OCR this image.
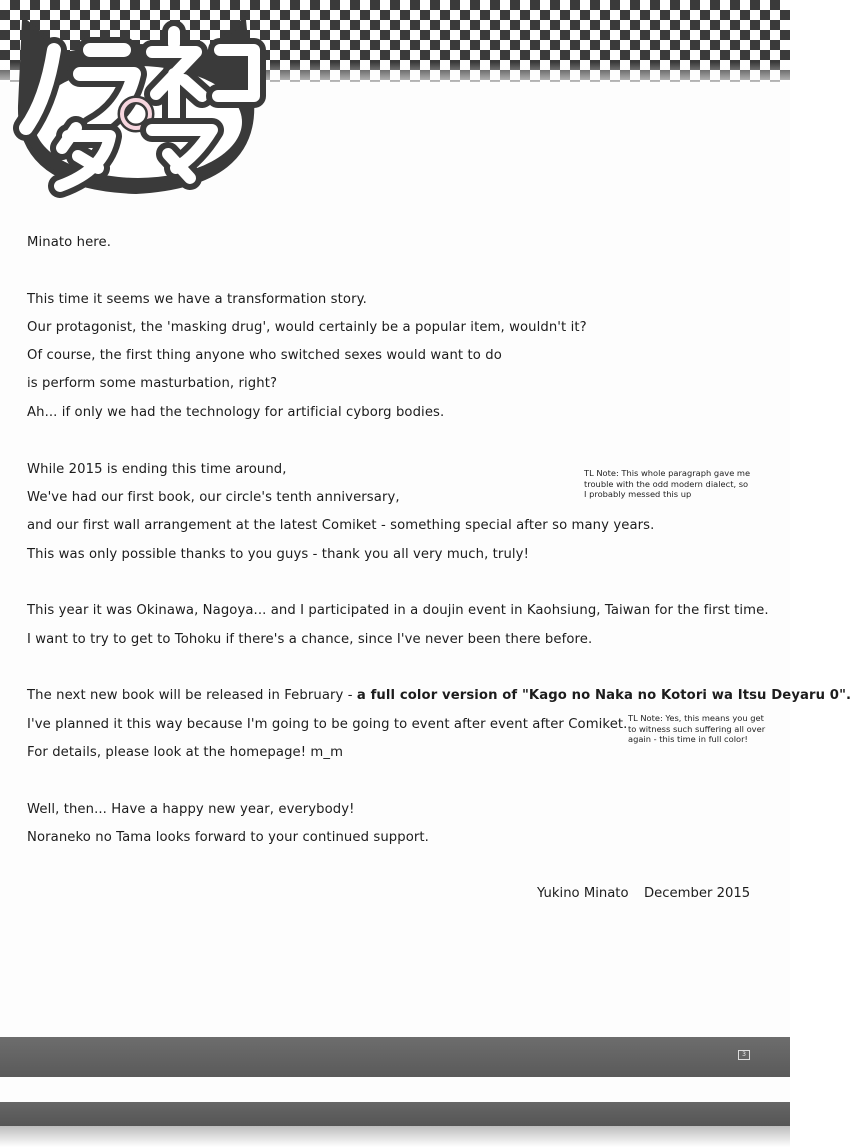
Minato here.
This time it seems we have a transformation story.
Our protagonist, the 'masking drug', would certainly be a popular item, wouldn't it?
Of course, the first thing anyone who switched sexes would want to do
is perform some masturbation, right?
Ah... if only we had the technology for artificial cyborg bodies.
While 2015 is ending this time around,
We've had our first book, our circle's tenth anniversary,
and our first wall arrangement at the latest Comiket - something special after so many years.
This was only possible thanks to you guys - thank you all very much, truly!
TL Note: This whole paragraph gave me
trouble with the odd modern dialect, so
I probably messed this up
This year it was Okinawa, Nagoya... and I participated in a doujin event in Kaohsiung, Taiwan for the first time.
I want to try to get to Tohoku if there's a chance, since I've never been there before.
The next new book will be released in February - a full color version of "Kago no Naka no Kotori wa Itsu Deyaru 0".
I've planned it this way because I'm going to be going to event after event after Comiket.
For details, please look at the homepage! m_m
TL Note: Yes, this means you get
to witness such suffering all over
again - this time in full color!
Well, then... Have a happy new year, everybody!
Noraneko no Tama looks forward to your continued support.
Yukino Minato December 2015
3
